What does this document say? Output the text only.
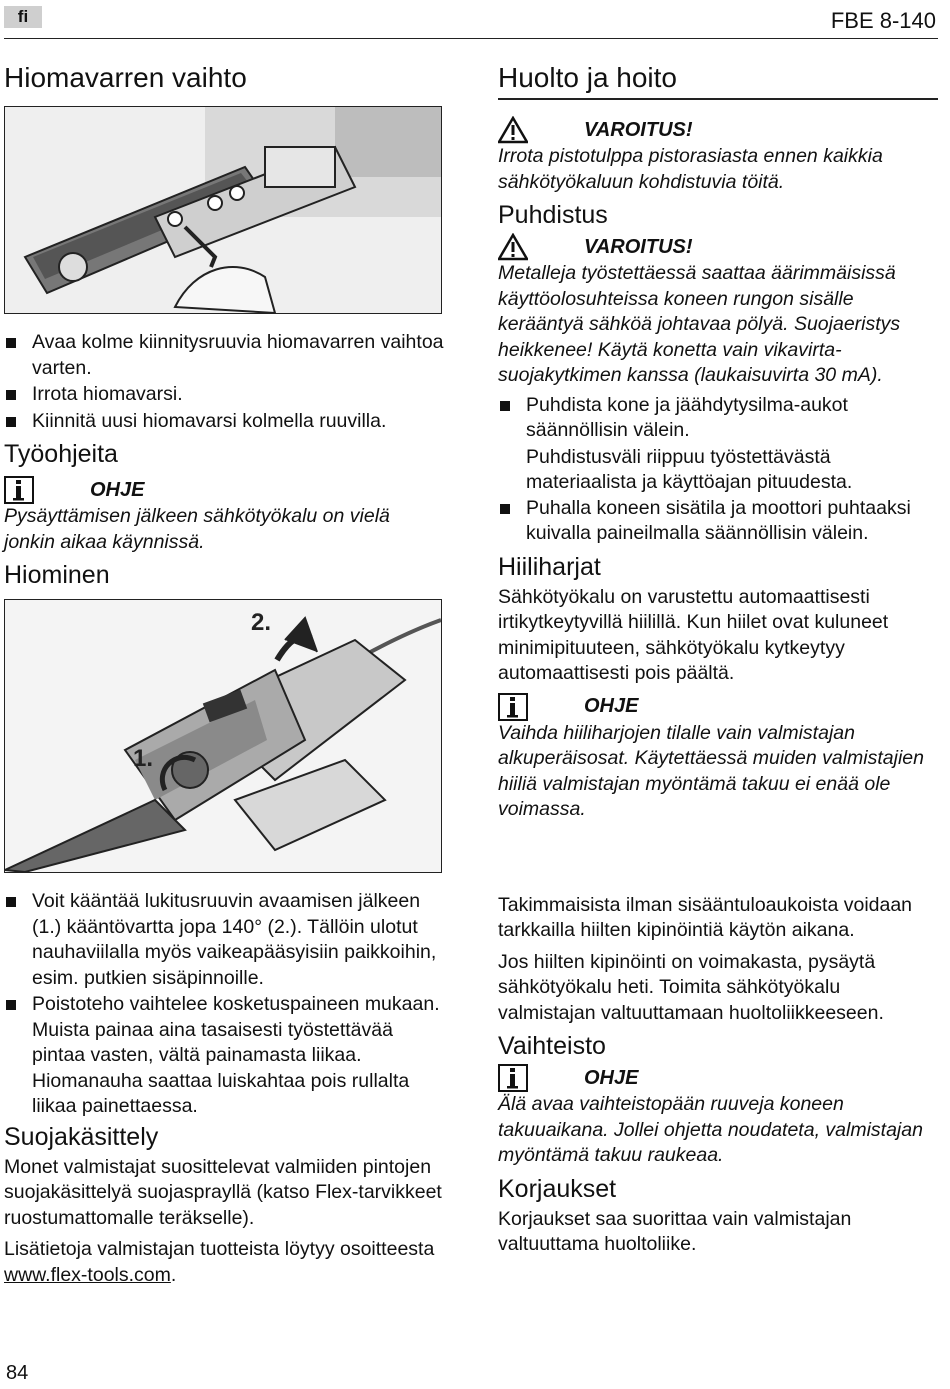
fi	FBE 8-140
Hiomavarren vaihto
Avaa kolme kiinnitysruuvia hiomavarren vaihtoa varten.
Irrota hiomavarsi.
Kiinnitä uusi hiomavarsi kolmella ruuvilla.
Työohjeita
OHJE

Pysäyttämisen jälkeen sähkötyökalu on vielä jonkin aikaa käynnissä.

Hiominen
2.
1.
Voit kääntää lukitusruuvin avaamisen jälkeen (1.) kääntövartta jopa 140° (2.). Tällöin ulotut nauhaviilalla myös vaikeapääsyisiin paikkoihin, esim. putkien sisäpinnoille.
Poistoteho vaihtelee kosketuspaineen mukaan. Muista painaa aina tasaisesti työstettävää pintaa vasten, vältä painamasta liikaa. Hiomanauha saattaa luiskahtaa pois rullalta liikaa painettaessa.
Suojakäsittely

Monet valmistajat suosittelevat valmiiden pintojen suojakäsittelyä suojasprayllä (katso Flex-tarvikkeet ruostumattomalle teräkselle).

Lisätietoja valmistajan tuotteista löytyy osoitteesta www.flex-tools.com.

Huolto ja hoito
VAROITUS!

Irrota pistotulppa pistorasiasta ennen kaikkia sähkötyökaluun kohdistuvia töitä.

Puhdistus
VAROITUS!

Metalleja työstettäessä saattaa äärimmäisissä käyttöolosuhteissa koneen rungon sisälle kerääntyä sähköä johtavaa pölyä. Suojaeristys heikkenee! Käytä konetta vain vikavirta-suojakytkimen kanssa (laukaisuvirta 30 mA).

Puhdista kone ja jäähdytysilma-aukot säännöllisin välein.
Puhdistusväli riippuu työstettävästä materiaalista ja käyttöajan pituudesta.
Puhalla koneen sisätila ja moottori puhtaaksi kuivalla paineilmalla säännöllisin välein.
Hiiliharjat

Sähkötyökalu on varustettu automaattisesti irtikytkeytyvillä hiilillä. Kun hiilet ovat kuluneet minimipituuteen, sähkötyökalu kytkeytyy automaattisesti pois päältä.

OHJE

Vaihda hiiliharjojen tilalle vain valmistajan alkuperäisosat. Käytettäessä muiden valmistajien hiiliä valmistajan myöntämä takuu ei enää ole voimassa.

Takimmaisista ilman sisääntuloaukoista voidaan tarkkailla hiilten kipinöintiä käytön aikana.

Jos hiilten kipinöinti on voimakasta, pysäytä sähkötyökalu heti. Toimita sähkötyökalu valmistajan valtuuttamaan huoltoliikkeeseen.

Vaihteisto
OHJE

Älä avaa vaihteistopään ruuveja koneen takuuaikana. Jollei ohjetta noudateta, valmistajan myöntämä takuu raukeaa.

Korjaukset

Korjaukset saa suorittaa vain valmistajan valtuuttama huoltoliike.

84
